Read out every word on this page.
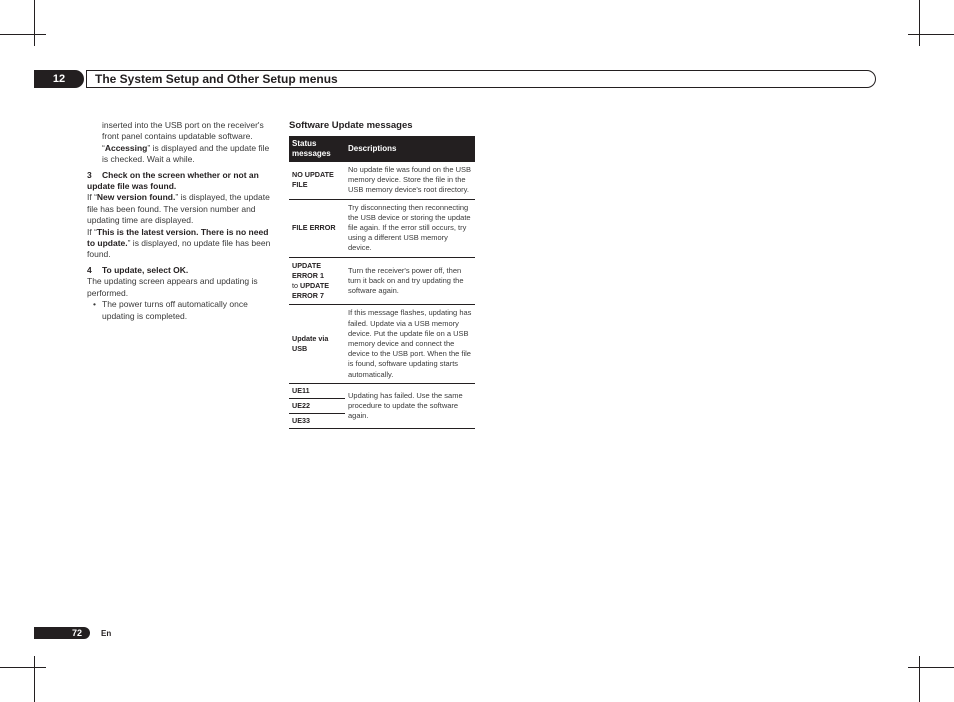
12	The System Setup and Other Setup menus

inserted into the USB port on the receiver's front panel contains updatable software. “Accessing” is displayed and the update file is checked. Wait a while.

3 Check on the screen whether or not an update file was found.

If “New version found.” is displayed, the update file has been found. The version number and updating time are displayed.

If “This is the latest version. There is no need to update.” is displayed, no update file has been found.

4 To update, select OK.

The updating screen appears and updating is performed.

• The power turns off automatically once updating is completed.

Software Update messages

Status messages	Descriptions
NO UPDATE FILE	No update file was found on the USB memory device. Store the file in the USB memory device's root directory.
FILE ERROR	Try disconnecting then reconnecting the USB device or storing the update file again. If the error still occurs, try using a different USB memory device.
UPDATE ERROR 1
to UPDATE ERROR 7	Turn the receiver's power off, then turn it back on and try updating the software again.
Update via USB	If this message flashes, updating has failed. Update via a USB memory device. Put the update file on a USB memory device and connect the device to the USB port. When the file is found, software updating starts automatically.
UE11	Updating has failed. Use the same procedure to update the software again.
UE22	
UE33	
72	En
